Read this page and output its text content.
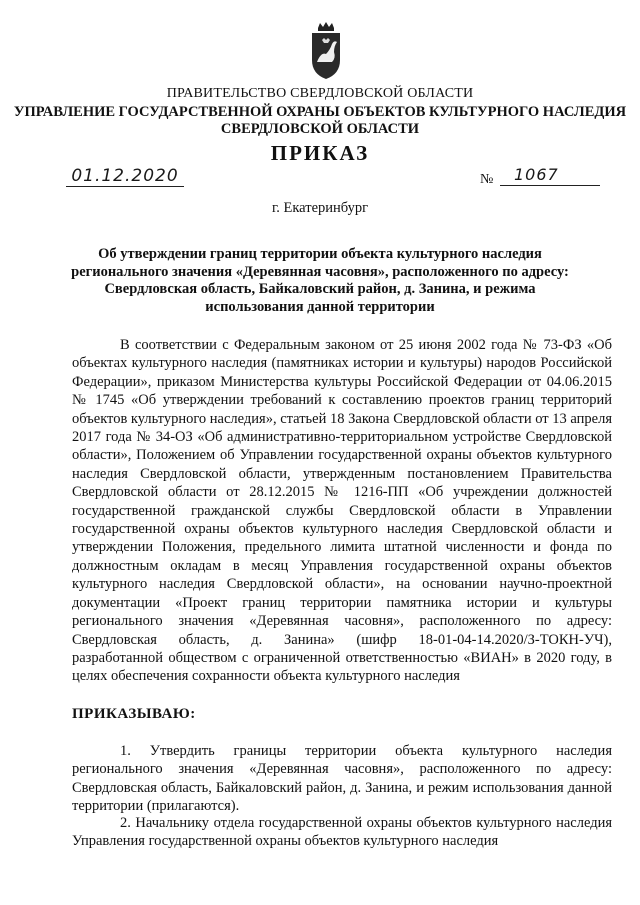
ПРАВИТЕЛЬСТВО СВЕРДЛОВСКОЙ ОБЛАСТИ
УПРАВЛЕНИЕ ГОСУДАРСТВЕННОЙ ОХРАНЫ ОБЪЕКТОВ КУЛЬТУРНОГО НАСЛЕДИЯ
СВЕРДЛОВСКОЙ ОБЛАСТИ
ПРИКАЗ
01.12.2020	№	1067
г. Екатеринбург
Об утверждении границ территории объекта культурного наследия
регионального значения «Деревянная часовня», расположенного по адресу:
Свердловская область, Байкаловский район, д. Занина, и режима
использования данной территории

В соответствии с Федеральным законом от 25 июня 2002 года № 73-ФЗ «Об объектах культурного наследия (памятниках истории и культуры) народов Российской Федерации», приказом Министерства культуры Российской Федерации от 04.06.2015 № 1745 «Об утверждении требований к составлению проектов границ территорий объектов культурного наследия», статьей 18 Закона Свердловской области от 13 апреля 2017 года № 34-ОЗ «Об административно-территориальном устройстве Свердловской области», Положением об Управлении государственной охраны объектов культурного наследия Свердловской области, утвержденным постановлением Правительства Свердловской области от 28.12.2015 № 1216-ПП «Об учреждении должностей государственной гражданской службы Свердловской области в Управлении государственной охраны объектов культурного наследия Свердловской области и утверждении Положения, предельного лимита штатной численности и фонда по должностным окладам в месяц Управления государственной охраны объектов культурного наследия Свердловской области», на основании научно-проектной документации «Проект границ территории памятника истории и культуры регионального значения «Деревянная часовня», расположенного по адресу: Свердловская область, д. Занина» (шифр 18-01-04-14.2020/З-ТОКН-УЧ), разработанной обществом с ограниченной ответственностью «ВИАН» в 2020 году, в целях обеспечения сохранности объекта культурного наследия

ПРИКАЗЫВАЮ:

1. Утвердить границы территории объекта культурного наследия регионального значения «Деревянная часовня», расположенного по адресу: Свердловская область, Байкаловский район, д. Занина, и режим использования данной территории (прилагаются).

2. Начальнику отдела государственной охраны объектов культурного наследия Управления государственной охраны объектов культурного наследия
